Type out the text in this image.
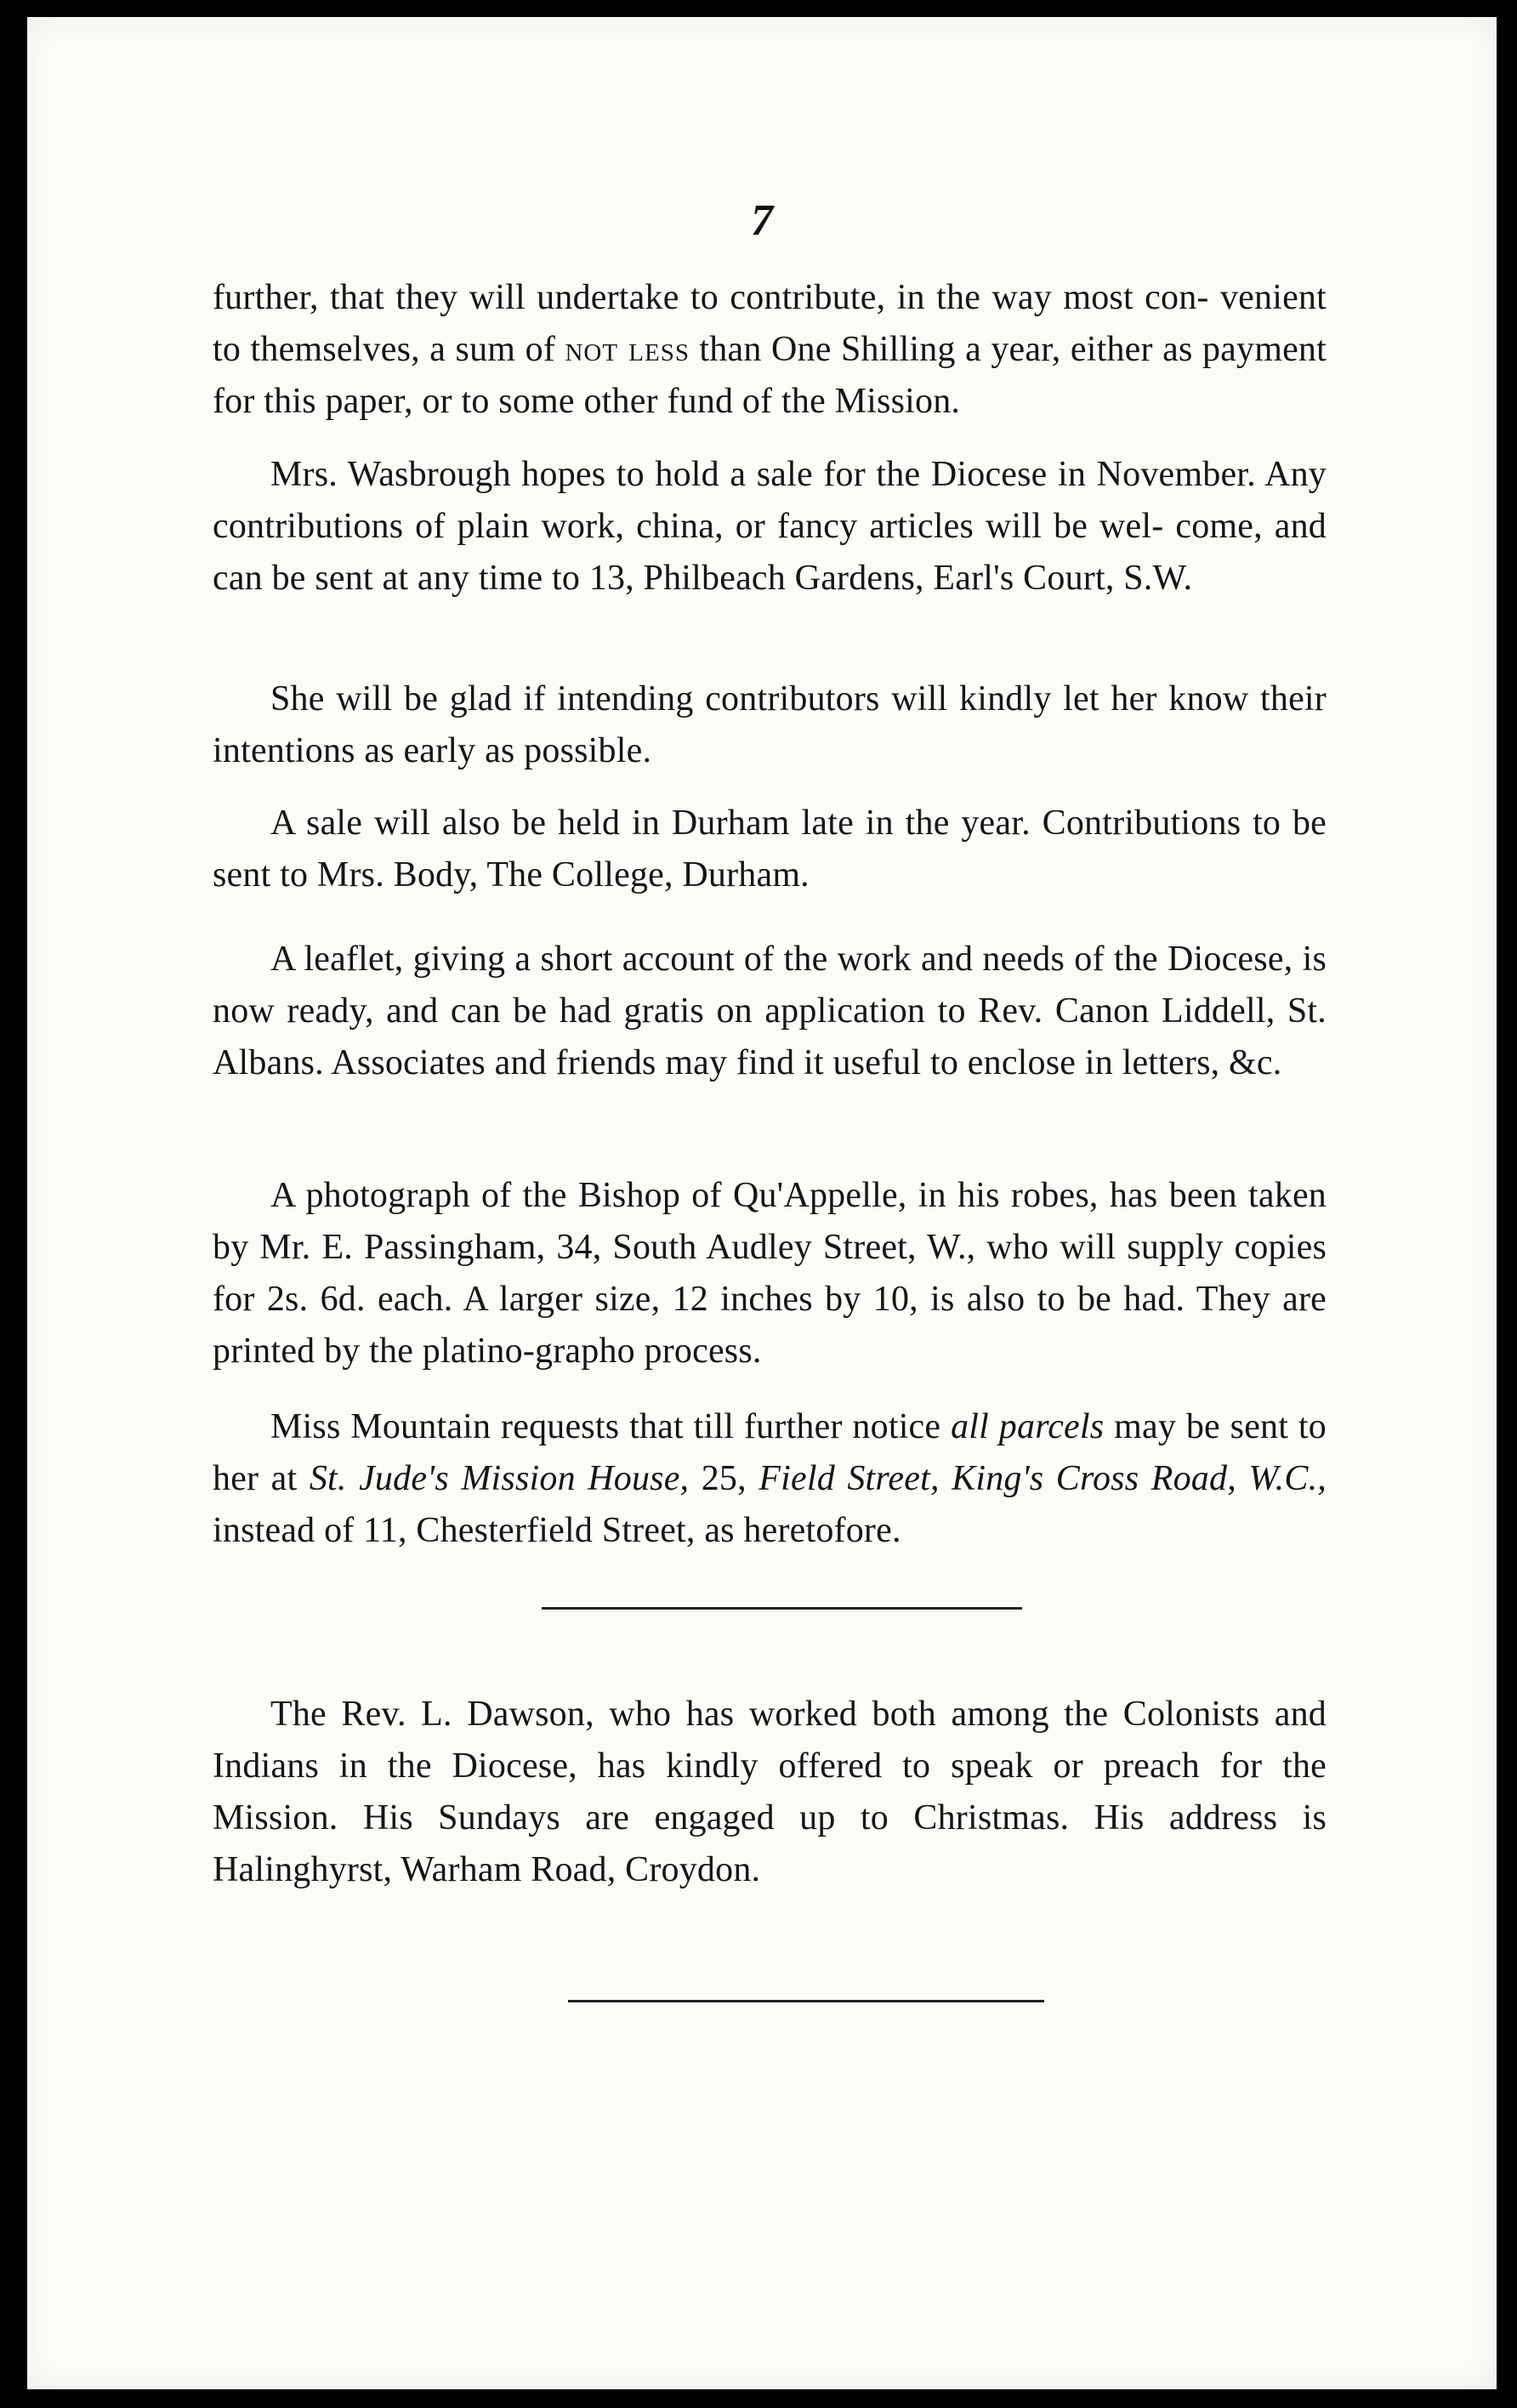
7
further, that they will undertake to contribute, in the way most con- venient to themselves, a sum of not less than One Shilling a year, either as payment for this paper, or to some other fund of the Mission.
Mrs. Wasbrough hopes to hold a sale for the Diocese in November. Any contributions of plain work, china, or fancy articles will be wel- come, and can be sent at any time to 13, Philbeach Gardens, Earl's Court, S.W.
She will be glad if intending contributors will kindly let her know their intentions as early as possible.
A sale will also be held in Durham late in the year. Contributions to be sent to Mrs. Body, The College, Durham.
A leaflet, giving a short account of the work and needs of the Diocese, is now ready, and can be had gratis on application to Rev. Canon Liddell, St. Albans. Associates and friends may find it useful to enclose in letters, &c.
A photograph of the Bishop of Qu'Appelle, in his robes, has been taken by Mr. E. Passingham, 34, South Audley Street, W., who will supply copies for 2s. 6d. each. A larger size, 12 inches by 10, is also to be had. They are printed by the platino-grapho process.
Miss Mountain requests that till further notice all parcels may be sent to her at St. Jude's Mission House, 25, Field Street, King's Cross Road, W.C., instead of 11, Chesterfield Street, as heretofore.
The Rev. L. Dawson, who has worked both among the Colonists and Indians in the Diocese, has kindly offered to speak or preach for the Mission. His Sundays are engaged up to Christmas. His address is Halinghyrst, Warham Road, Croydon.
